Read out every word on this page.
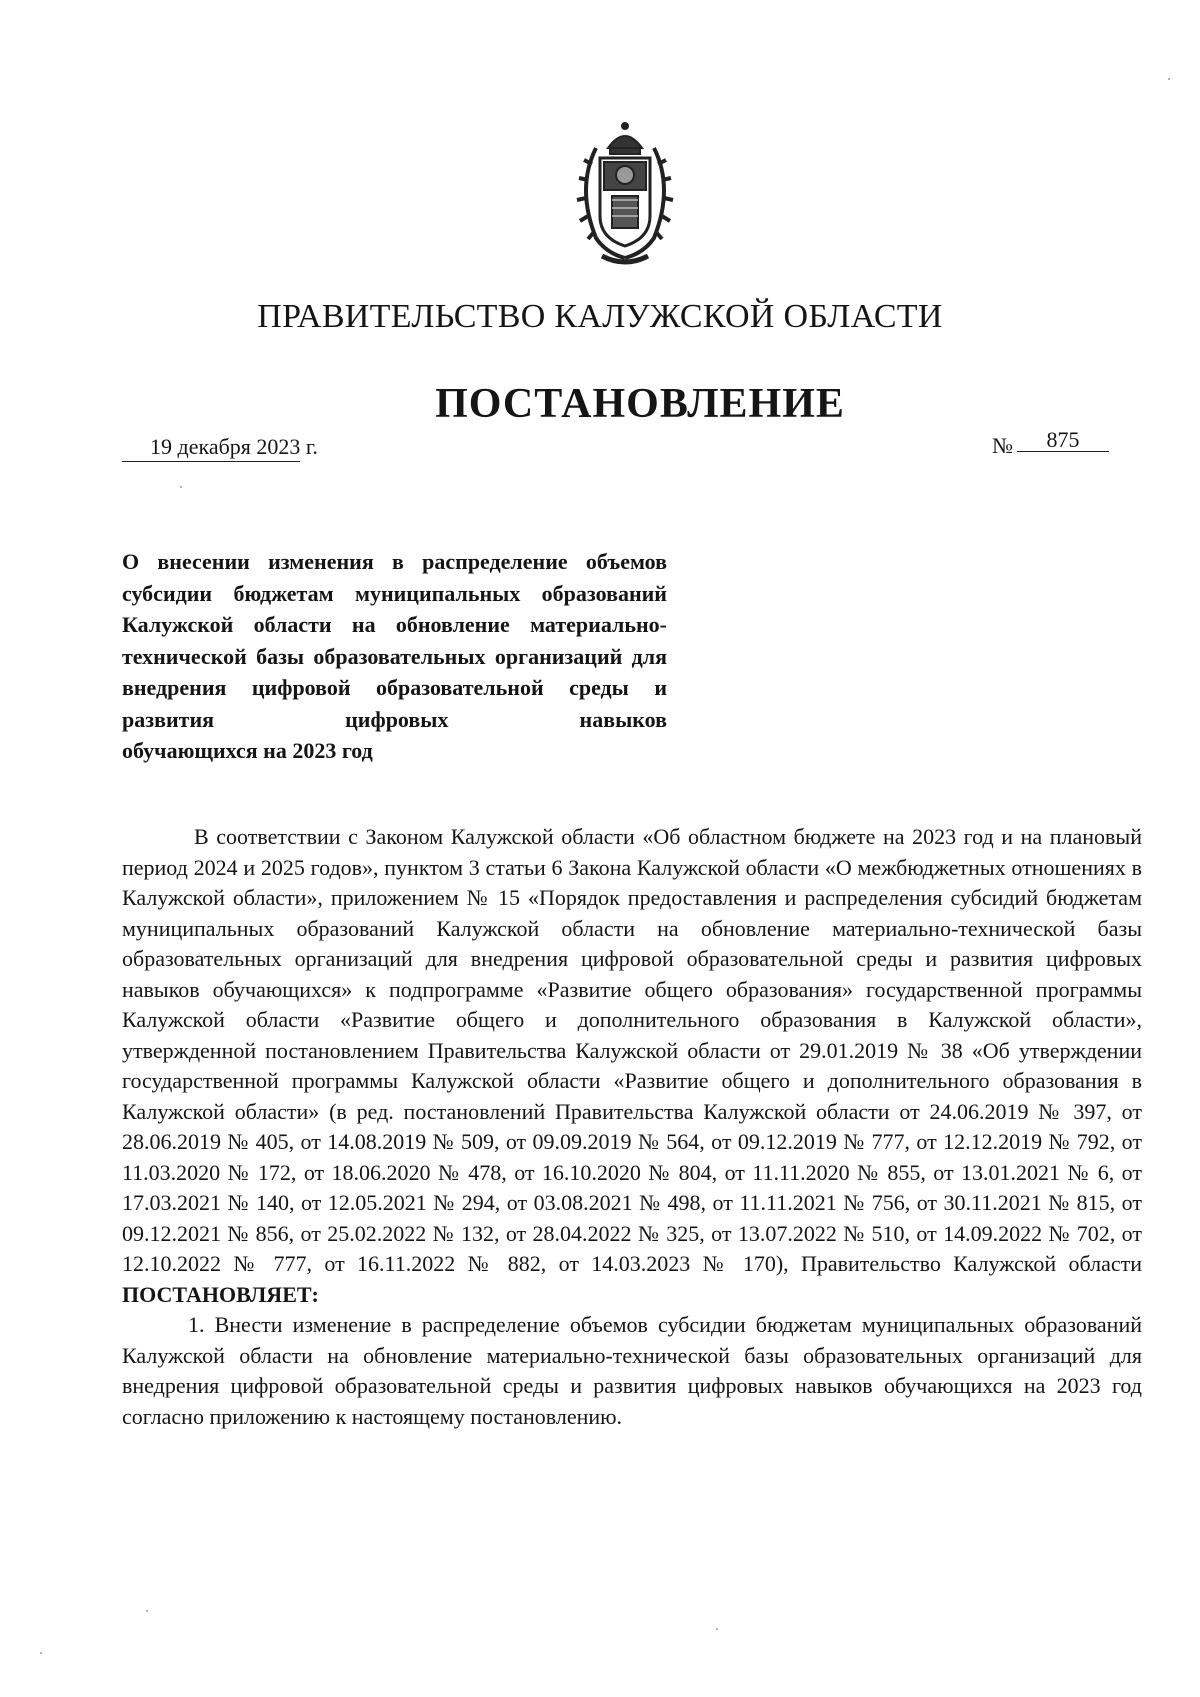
ПРАВИТЕЛЬСТВО КАЛУЖСКОЙ ОБЛАСТИ
ПОСТАНОВЛЕНИЕ
19 декабря 2023 г.	№ 875
О внесении изменения в распределение объемов субсидии бюджетам муниципальных образований Калужской области на обновление материально-технической базы образовательных организаций для внедрения цифровой образовательной среды и развития цифровых навыков
обучающихся на 2023 год

В соответствии с Законом Калужской области «Об областном бюджете на 2023 год и на плановый период 2024 и 2025 годов», пунктом 3 статьи 6 Закона Калужской области «О межбюджетных отношениях в Калужской области», приложением № 15 «Порядок предоставления и распределения субсидий бюджетам муниципальных образований Калужской области на обновление материально-технической базы образовательных организаций для внедрения цифровой образовательной среды и развития цифровых навыков обучающихся» к подпрограмме «Развитие общего образования» государственной программы Калужской области «Развитие общего и дополнительного образования в Калужской области», утвержденной постановлением Правительства Калужской области от 29.01.2019 № 38 «Об утверждении государственной программы Калужской области «Развитие общего и дополнительного образования в Калужской области» (в ред. постановлений Правительства Калужской области от 24.06.2019 № 397, от 28.06.2019 № 405, от 14.08.2019 № 509, от 09.09.2019 № 564, от 09.12.2019 № 777, от 12.12.2019 № 792, от 11.03.2020 № 172, от 18.06.2020 № 478, от 16.10.2020 № 804, от 11.11.2020 № 855, от 13.01.2021 № 6, от 17.03.2021 № 140, от 12.05.2021 № 294, от 03.08.2021 № 498, от 11.11.2021 № 756, от 30.11.2021 № 815, от 09.12.2021 № 856, от 25.02.2022 № 132, от 28.04.2022 № 325, от 13.07.2022 № 510, от 14.09.2022 № 702, от 12.10.2022 № 777, от 16.11.2022 № 882, от 14.03.2023 № 170), Правительство Калужской области ПОСТАНОВЛЯЕТ:

1. Внести изменение в распределение объемов субсидии бюджетам муниципальных образований Калужской области на обновление материально-технической базы образовательных организаций для внедрения цифровой образовательной среды и развития цифровых навыков обучающихся на 2023 год согласно приложению к настоящему постановлению.
